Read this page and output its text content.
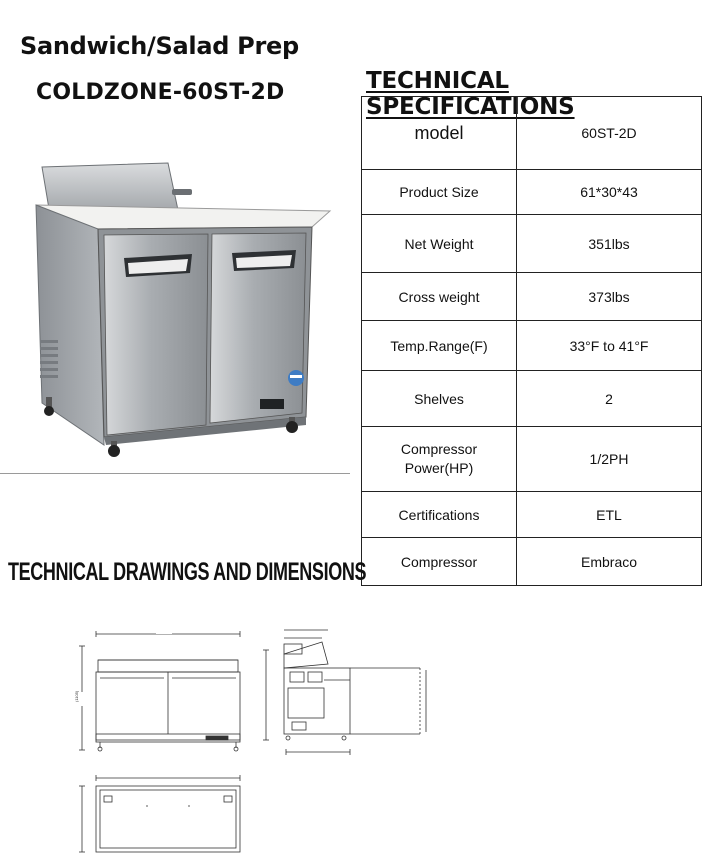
Sandwich/Salad Prep
COLDZONE-60ST-2D	TECHNICAL SPECIFICATIONS
model	60ST-2D
Product Size	61*30*43
Net Weight	351lbs
Cross weight	373lbs
Temp.Range(F)	33°F to 41°F
Shelves	2
Compressor
Power(HP)	1/2PH
Certifications	ETL
Compressor	Embraco
TECHNICAL DRAWINGS AND DIMENSIONS
(1105)
